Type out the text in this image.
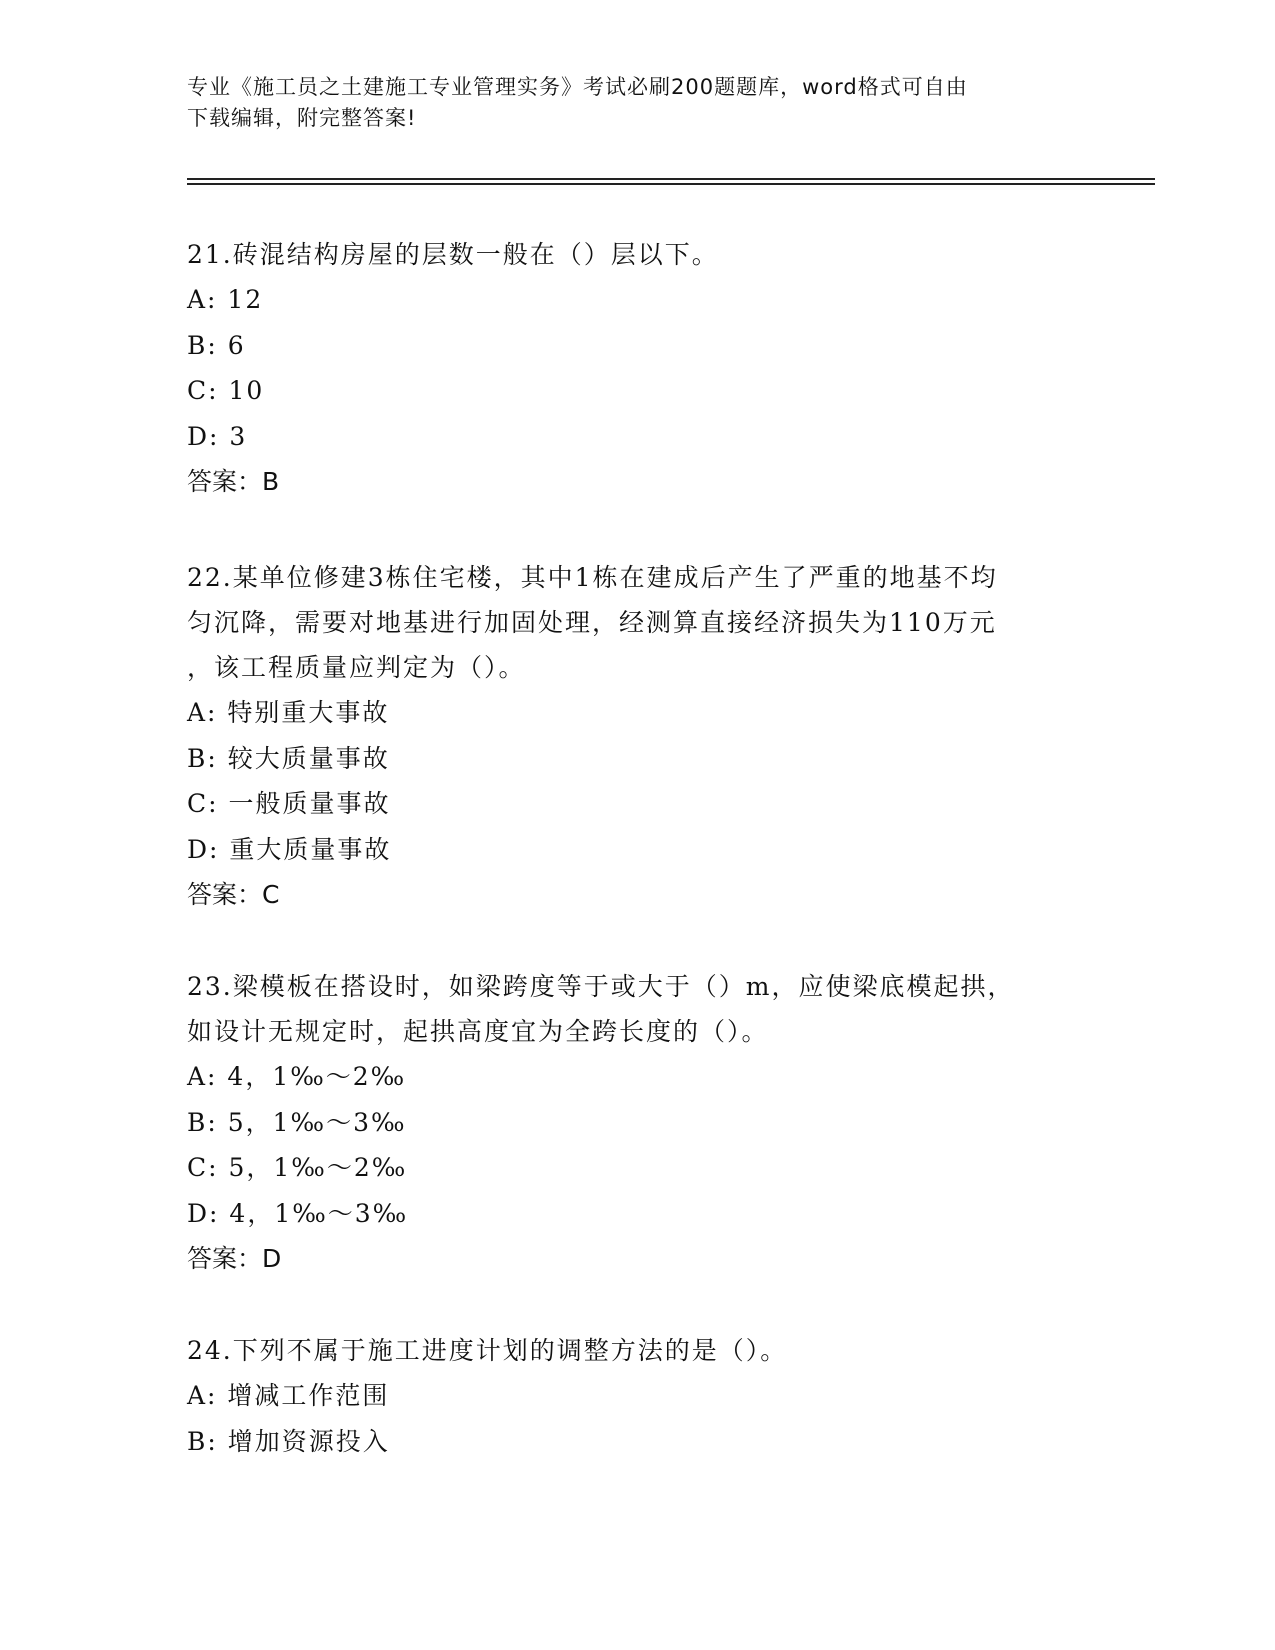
专业《施工员之土建施工专业管理实务》考试必刷200题题库，word格式可自由
下载编辑，附完整答案!

21.砖混结构房屋的层数一般在（）层以下。

A: 12

B: 6

C: 10

D: 3

答案：B

22.某单位修建3栋住宅楼，其中1栋在建成后产生了严重的地基不均

匀沉降，需要对地基进行加固处理，经测算直接经济损失为110万元

，该工程质量应判定为（）。

A: 特别重大事故

B: 较大质量事故

C: 一般质量事故

D: 重大质量事故

答案：C

23.梁模板在搭设时，如梁跨度等于或大于（）m，应使梁底模起拱，

如设计无规定时，起拱高度宜为全跨长度的（）。

A: 4，1‰～2‰

B: 5，1‰～3‰

C: 5，1‰～2‰

D: 4，1‰～3‰

答案：D

24.下列不属于施工进度计划的调整方法的是（）。

A: 增减工作范围

B: 增加资源投入
